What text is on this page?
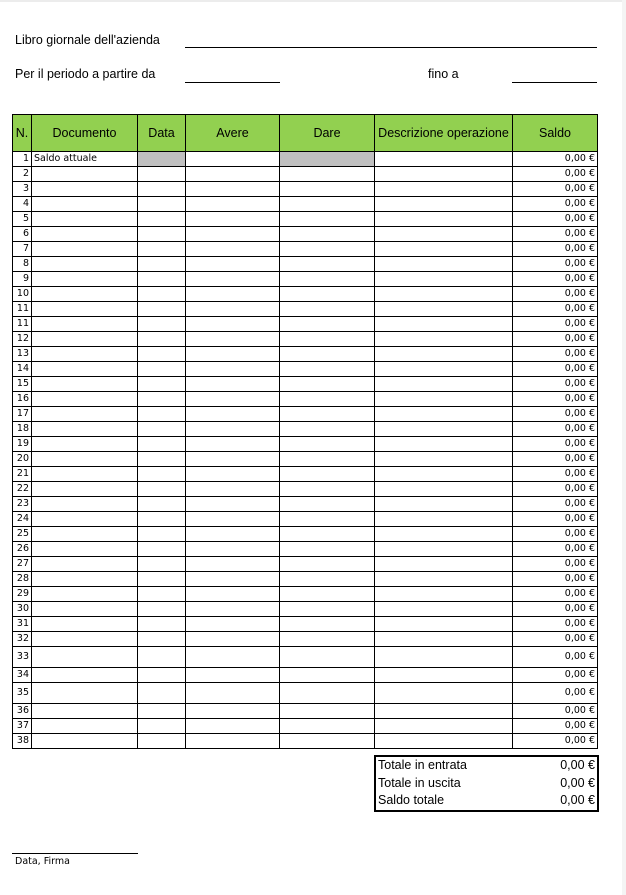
Libro giornale dell'azienda
Per il periodo a partire da	fino a
N.	Documento	Data	Avere	Dare	Descrizione operazione	Saldo
1	Saldo attuale					0,00 €
2						0,00 €
3						0,00 €
4						0,00 €
5						0,00 €
6						0,00 €
7						0,00 €
8						0,00 €
9						0,00 €
10						0,00 €
11						0,00 €
11						0,00 €
12						0,00 €
13						0,00 €
14						0,00 €
15						0,00 €
16						0,00 €
17						0,00 €
18						0,00 €
19						0,00 €
20						0,00 €
21						0,00 €
22						0,00 €
23						0,00 €
24						0,00 €
25						0,00 €
26						0,00 €
27						0,00 €
28						0,00 €
29						0,00 €
30						0,00 €
31						0,00 €
32						0,00 €
33						0,00 €
34						0,00 €
35						0,00 €
36						0,00 €
37						0,00 €
38						0,00 €
Totale in entrata	0,00 €
Totale in uscita	0,00 €
Saldo totale	0,00 €
Data, Firma
